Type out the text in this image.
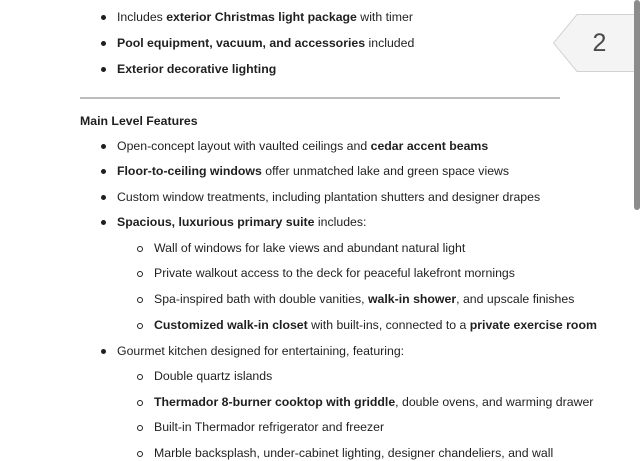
2
Includes exterior Christmas light package with timer
Pool equipment, vacuum, and accessories included
Exterior decorative lighting
Main Level Features
Open-concept layout with vaulted ceilings and cedar accent beams
Floor-to-ceiling windows offer unmatched lake and green space views
Custom window treatments, including plantation shutters and designer drapes
Spacious, luxurious primary suite includes:
Wall of windows for lake views and abundant natural light
Private walkout access to the deck for peaceful lakefront mornings
Spa-inspired bath with double vanities, walk-in shower, and upscale finishes
Customized walk-in closet with built-ins, connected to a private exercise room
Gourmet kitchen designed for entertaining, featuring:
Double quartz islands
Thermador 8-burner cooktop with griddle, double ovens, and warming drawer
Built-in Thermador refrigerator and freezer
Marble backsplash, under-cabinet lighting, designer chandeliers, and wall
